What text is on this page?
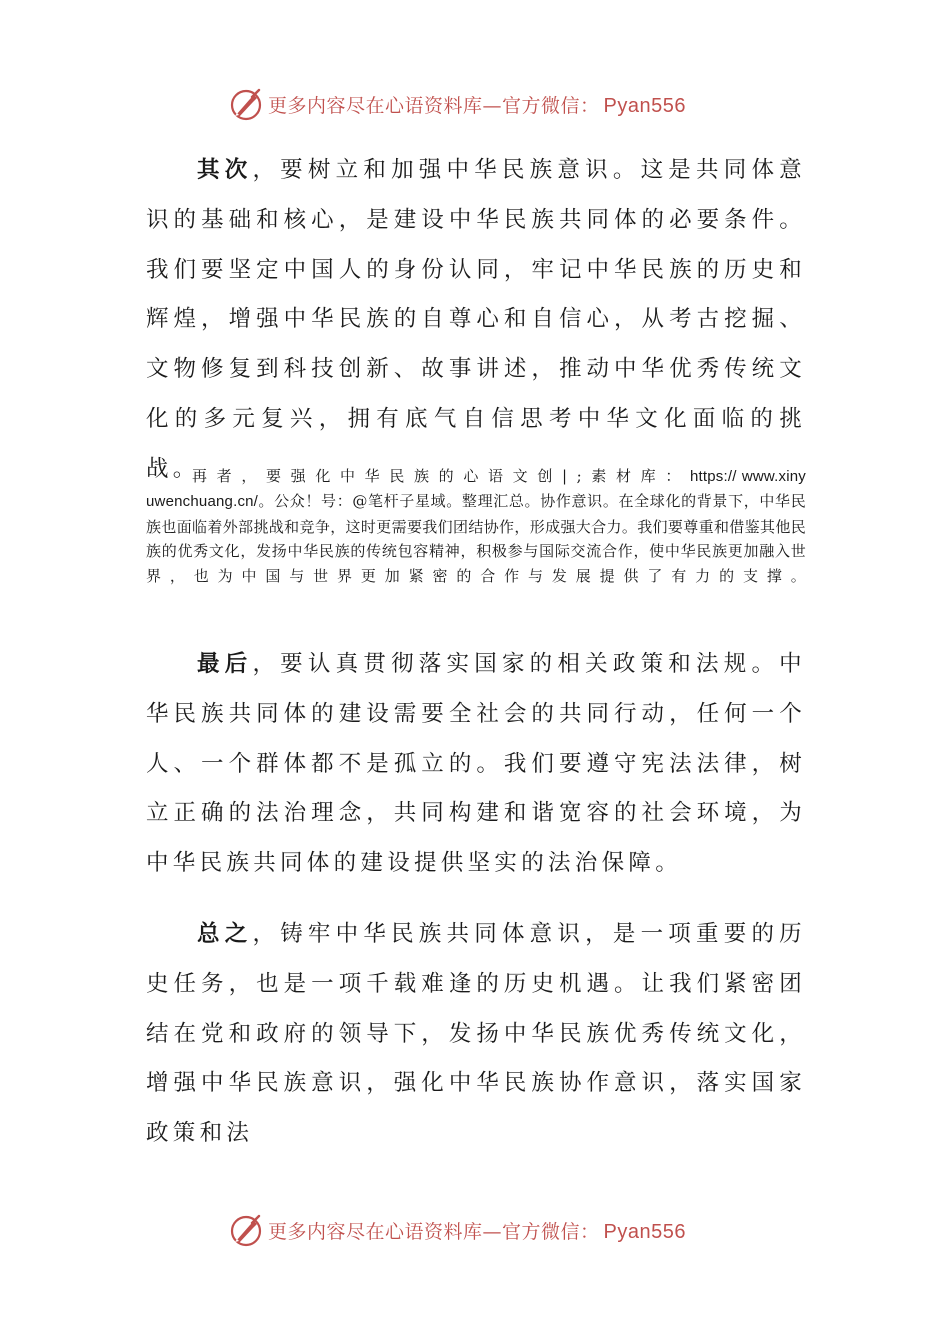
更多内容尽在心语资料库—官方微信： Pyan556

其次，要树立和加强中华民族意识。这是共同体意识的基础和核心，是建设中华民族共同体的必要条件。我们要坚定中国人的身份认同，牢记中华民族的历史和辉煌，增强中华民族的自尊心和自信心，从考古挖掘、文物修复到科技创新、故事讲述，推动中华优秀传统文化的多元复兴，拥有底气自信思考中华文化面临的挑战。

再者，要强化中华民族的心语文创|;素材库：https:// www.xinyuwenchuang.cn/。公众！号：@笔杆子星域。整理汇总。协作意识。在全球化的背景下，中华民族也面临着外部挑战和竞争，这时更需要我们团结协作，形成强大合力。我们要尊重和借鉴其他民族的优秀文化，发扬中华民族的传统包容精神，积极参与国际交流合作，使中华民族更加融入世界，也为中国与世界更加紧密的合作与发展提供了有力的支撑。

最后，要认真贯彻落实国家的相关政策和法规。中华民族共同体的建设需要全社会的共同行动，任何一个人、一个群体都不是孤立的。我们要遵守宪法法律，树立正确的法治理念，共同构建和谐宽容的社会环境，为中华民族共同体的建设提供坚实的法治保障。

总之，铸牢中华民族共同体意识，是一项重要的历史任务，也是一项千载难逢的历史机遇。让我们紧密团结在党和政府的领导下，发扬中华民族优秀传统文化，增强中华民族意识，强化中华民族协作意识，落实国家政策和法

更多内容尽在心语资料库—官方微信： Pyan556
